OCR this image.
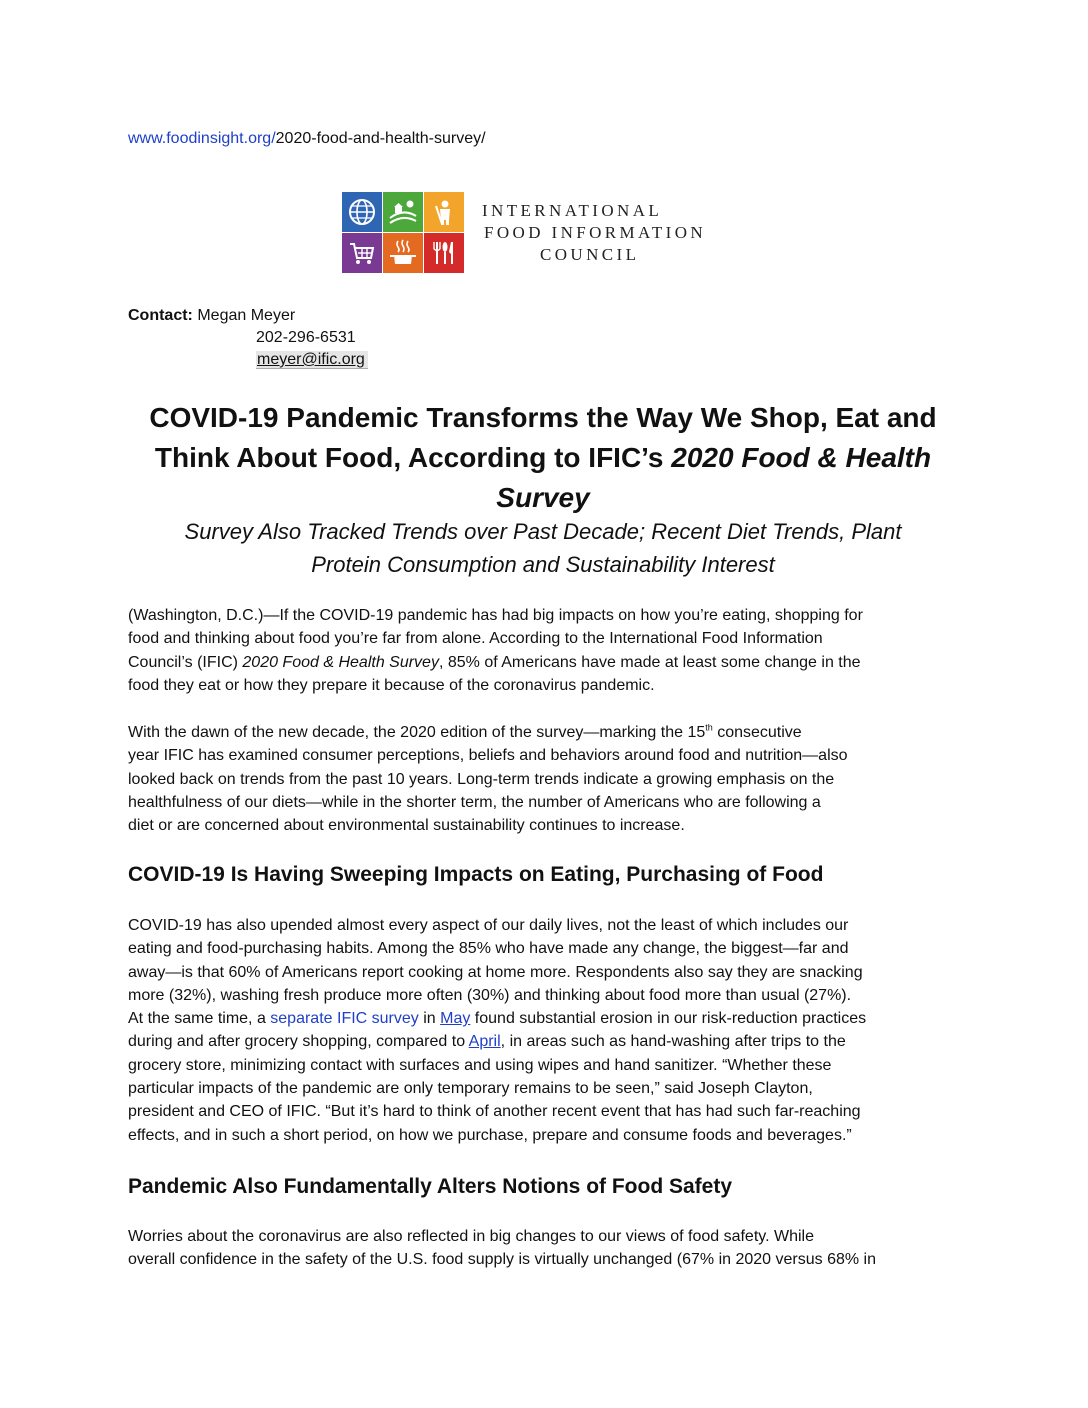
www.foodinsight.org/2020-food-and-health-survey/
INTERNATIONAL
FOOD INFORMATION
COUNCIL
Contact: Megan Meyer
202-296-6531
meyer@ific.org
COVID-19 Pandemic Transforms the Way We Shop, Eat and
Think About Food, According to IFIC’s 2020 Food & Health
Survey
Survey Also Tracked Trends over Past Decade; Recent Diet Trends, Plant
Protein Consumption and Sustainability Interest
(Washington, D.C.)—If the COVID-19 pandemic has had big impacts on how you’re eating, shopping for
food and thinking about food you’re far from alone. According to the International Food Information
Council’s (IFIC) 2020 Food & Health Survey, 85% of Americans have made at least some change in the
food they eat or how they prepare it because of the coronavirus pandemic.
With the dawn of the new decade, the 2020 edition of the survey—marking the 15th consecutive
year IFIC has examined consumer perceptions, beliefs and behaviors around food and nutrition—also
looked back on trends from the past 10 years. Long-term trends indicate a growing emphasis on the
healthfulness of our diets—while in the shorter term, the number of Americans who are following a
diet or are concerned about environmental sustainability continues to increase.
COVID-19 Is Having Sweeping Impacts on Eating, Purchasing of Food
COVID-19 has also upended almost every aspect of our daily lives, not the least of which includes our
eating and food-purchasing habits. Among the 85% who have made any change, the biggest—far and
away—is that 60% of Americans report cooking at home more. Respondents also say they are snacking
more (32%), washing fresh produce more often (30%) and thinking about food more than usual (27%).
At the same time, a separate IFIC survey in May found substantial erosion in our risk-reduction practices
during and after grocery shopping, compared to April, in areas such as hand-washing after trips to the
grocery store, minimizing contact with surfaces and using wipes and hand sanitizer. “Whether these
particular impacts of the pandemic are only temporary remains to be seen,” said Joseph Clayton,
president and CEO of IFIC. “But it’s hard to think of another recent event that has had such far-reaching
effects, and in such a short period, on how we purchase, prepare and consume foods and beverages.”
Pandemic Also Fundamentally Alters Notions of Food Safety
Worries about the coronavirus are also reflected in big changes to our views of food safety. While
overall confidence in the safety of the U.S. food supply is virtually unchanged (67% in 2020 versus 68% in
